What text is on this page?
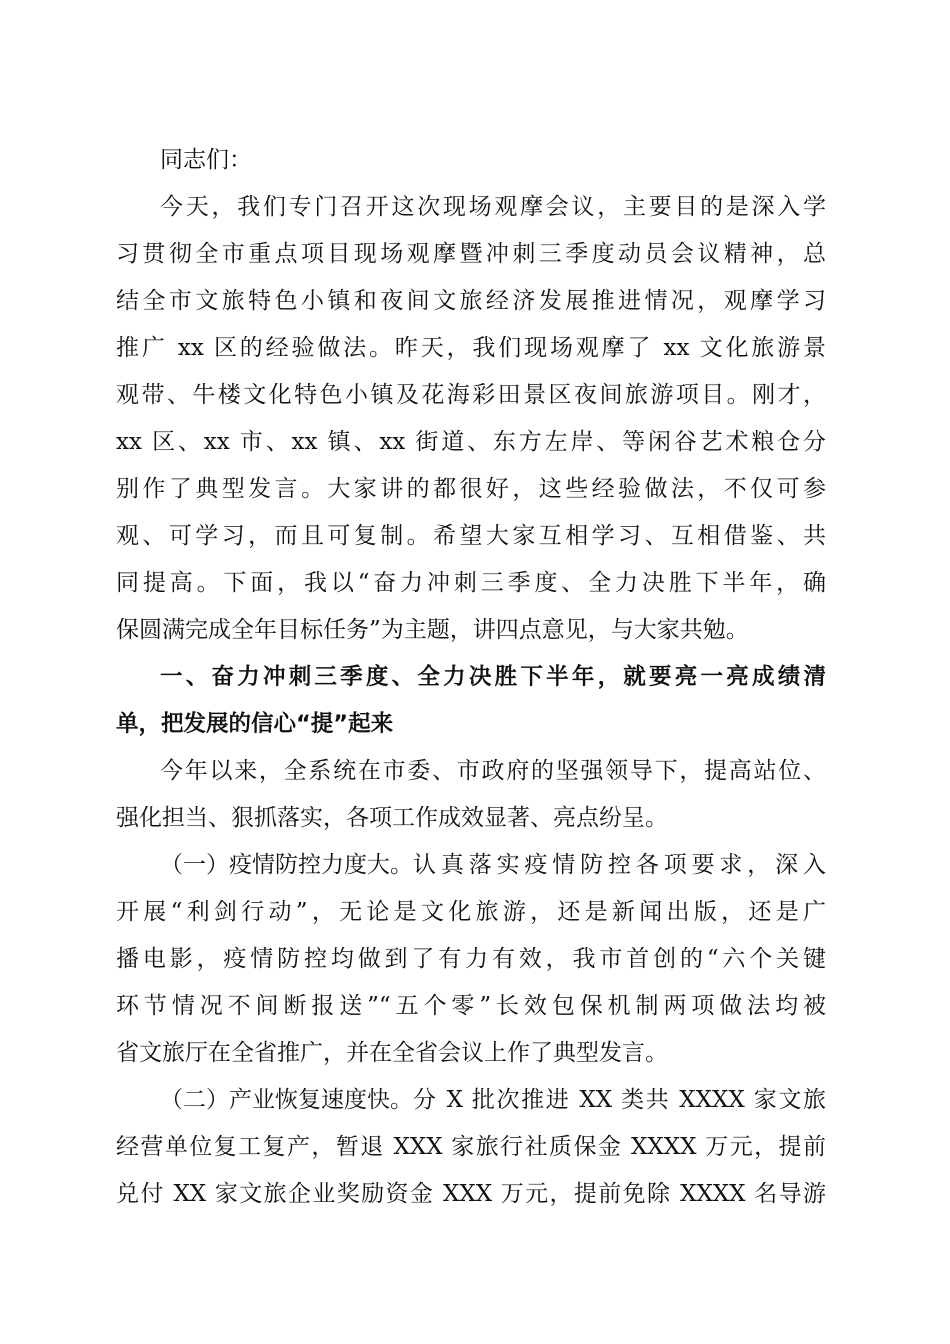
同志们：
今天，我们专门召开这次现场观摩会议，主要目的是深入学
习贯彻全市重点项目现场观摩暨冲刺三季度动员会议精神，总
结全市文旅特色小镇和夜间文旅经济发展推进情况，观摩学习
推广 xx 区的经验做法。昨天，我们现场观摩了 xx 文化旅游景
观带、牛楼文化特色小镇及花海彩田景区夜间旅游项目。刚才，
xx 区、xx 市、xx 镇、xx 街道、东方左岸、等闲谷艺术粮仓分
别作了典型发言。大家讲的都很好，这些经验做法，不仅可参
观、可学习，而且可复制。希望大家互相学习、互相借鉴、共
同提高。下面，我以“奋力冲刺三季度、全力决胜下半年，确
保圆满完成全年目标任务”为主题，讲四点意见，与大家共勉。
一、奋力冲刺三季度、全力决胜下半年，就要亮一亮成绩清
单，把发展的信心“提”起来
今年以来，全系统在市委、市政府的坚强领导下，提高站位、
强化担当、狠抓落实，各项工作成效显著、亮点纷呈。
（一）疫情防控力度大。 认真落实疫情防控各项要求，深入
开展“利剑行动”，无论是文化旅游，还是新闻出版，还是广
播电影，疫情防控均做到了有力有效，我市首创的“六个关键
环节情况不间断报送”“五个零”长效包保机制两项做法均被
省文旅厅在全省推广，并在全省会议上作了典型发言。
（二）产业恢复速度快。 分 X 批次推进 XX 类共 XXXX 家文旅
经营单位复工复产，暂退 XXX 家旅行社质保金 XXXX 万元，提前
兑付 XX 家文旅企业奖励资金 XXX 万元，提前免除 XXXX 名导游
